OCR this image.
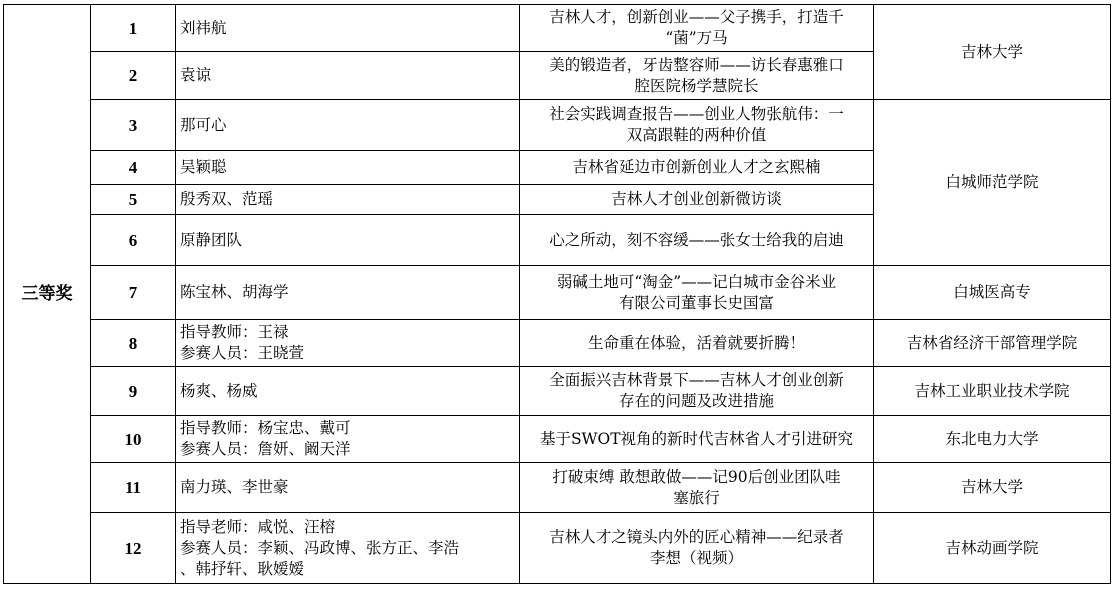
三等奖	1	刘祎航	吉林人才，创新创业——父子携手，打造千
“菌”万马	吉林大学
	2	袁谅	美的锻造者，牙齿整容师——访长春惠雅口
腔医院杨学慧院长	

	3	那可心	社会实践调查报告——创业人物张航伟：一
双高跟鞋的两种价值	白城师范学院
	4	吴颖聪	吉林省延边市创新创业人才之玄熙楠	

	5	殷秀双、范瑶	吉林人才创业创新微访谈	

	6	原静团队	心之所动，刻不容缓——张女士给我的启迪	

	7	陈宝林、胡海学	弱碱土地可“淘金”——记白城市金谷米业
有限公司董事长史国富	白城医高专
	8	指导教师：王禄
参赛人员：王晓萱	生命重在体验，活着就要折腾！	吉林省经济干部管理学院
	9	杨爽、杨威	全面振兴吉林背景下——吉林人才创业创新
存在的问题及改进措施	吉林工业职业技术学院
	10	指导教师：杨宝忠、戴可
参赛人员：詹妍、阚天洋	基于SWOT视角的新时代吉林省人才引进研究	东北电力大学
	11	南力瑛、李世豪	打破束缚 敢想敢做——记90后创业团队哇
塞旅行	吉林大学
	12	指导老师：咸悦、汪榕
参赛人员：李颖、冯政博、张方正、李浩
、韩抒轩、耿嫒嫒	吉林人才之镜头内外的匠心精神——纪录者
李想（视频）	吉林动画学院
